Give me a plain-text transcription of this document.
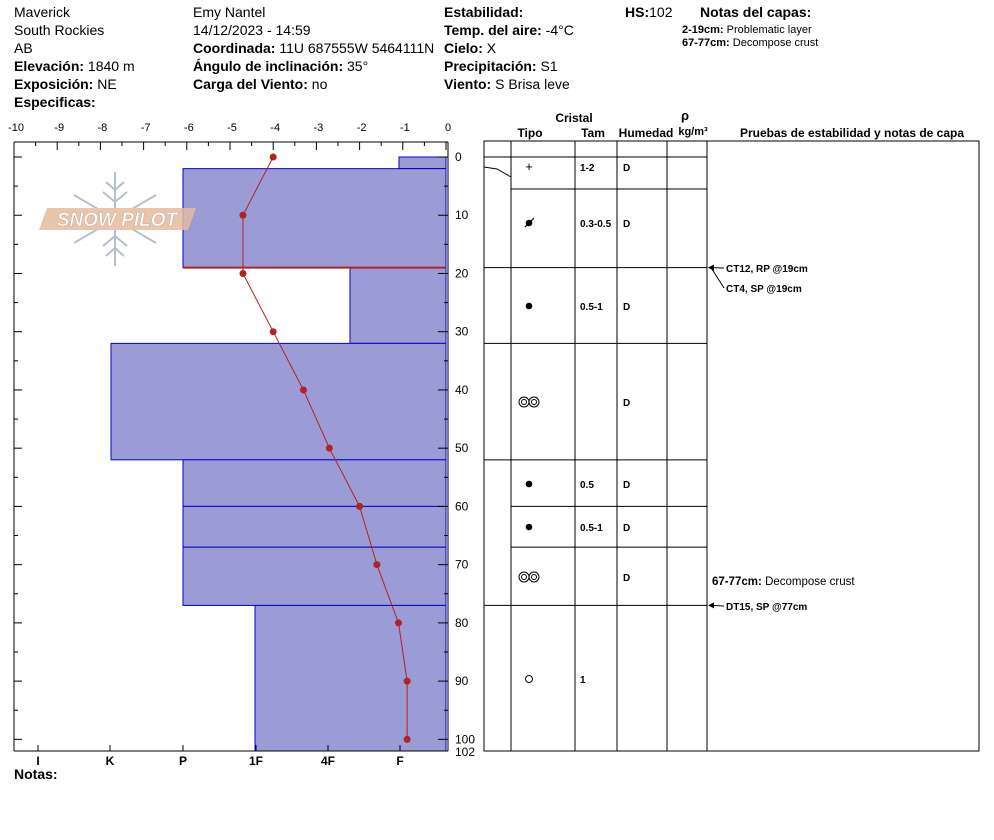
Maverick
South Rockies
AB
Elevación: 1840 m
Exposición: NE
Especificas:
Emy Nantel
14/12/2023 - 14:59
Coordinada: 11U 687555W 5464111N
Ángulo de inclinación: 35°
Carga del Viento: no
Estabilidad:
Temp. del aire: -4°C
Cielo: X
Precipitación: S1
Viento: S Brisa leve
HS:102 Notas del capas:
2-19cm: Problematic layer
67-77cm: Decompose crust
Notas:
-10	-9	-8	-7	-6	-5	-4	-3	-2	-1	0
0
10
20
30
40
50
60
70
80
90
100
102
I	K	P	1F	4F	F
SNOW PILOT
Cristal
Tipo	Tam Humedad
ρ
kg/m³	Pruebas de estabilidad y notas de capa
+	1-2	D
0.3-0.5 D
0.5-1 D
D
0.5	D
0.5-1 D
D
1
CT12, RP @19cm
CT4, SP @19cm
DT15, SP @77cm
67-77cm: Decompose crust
